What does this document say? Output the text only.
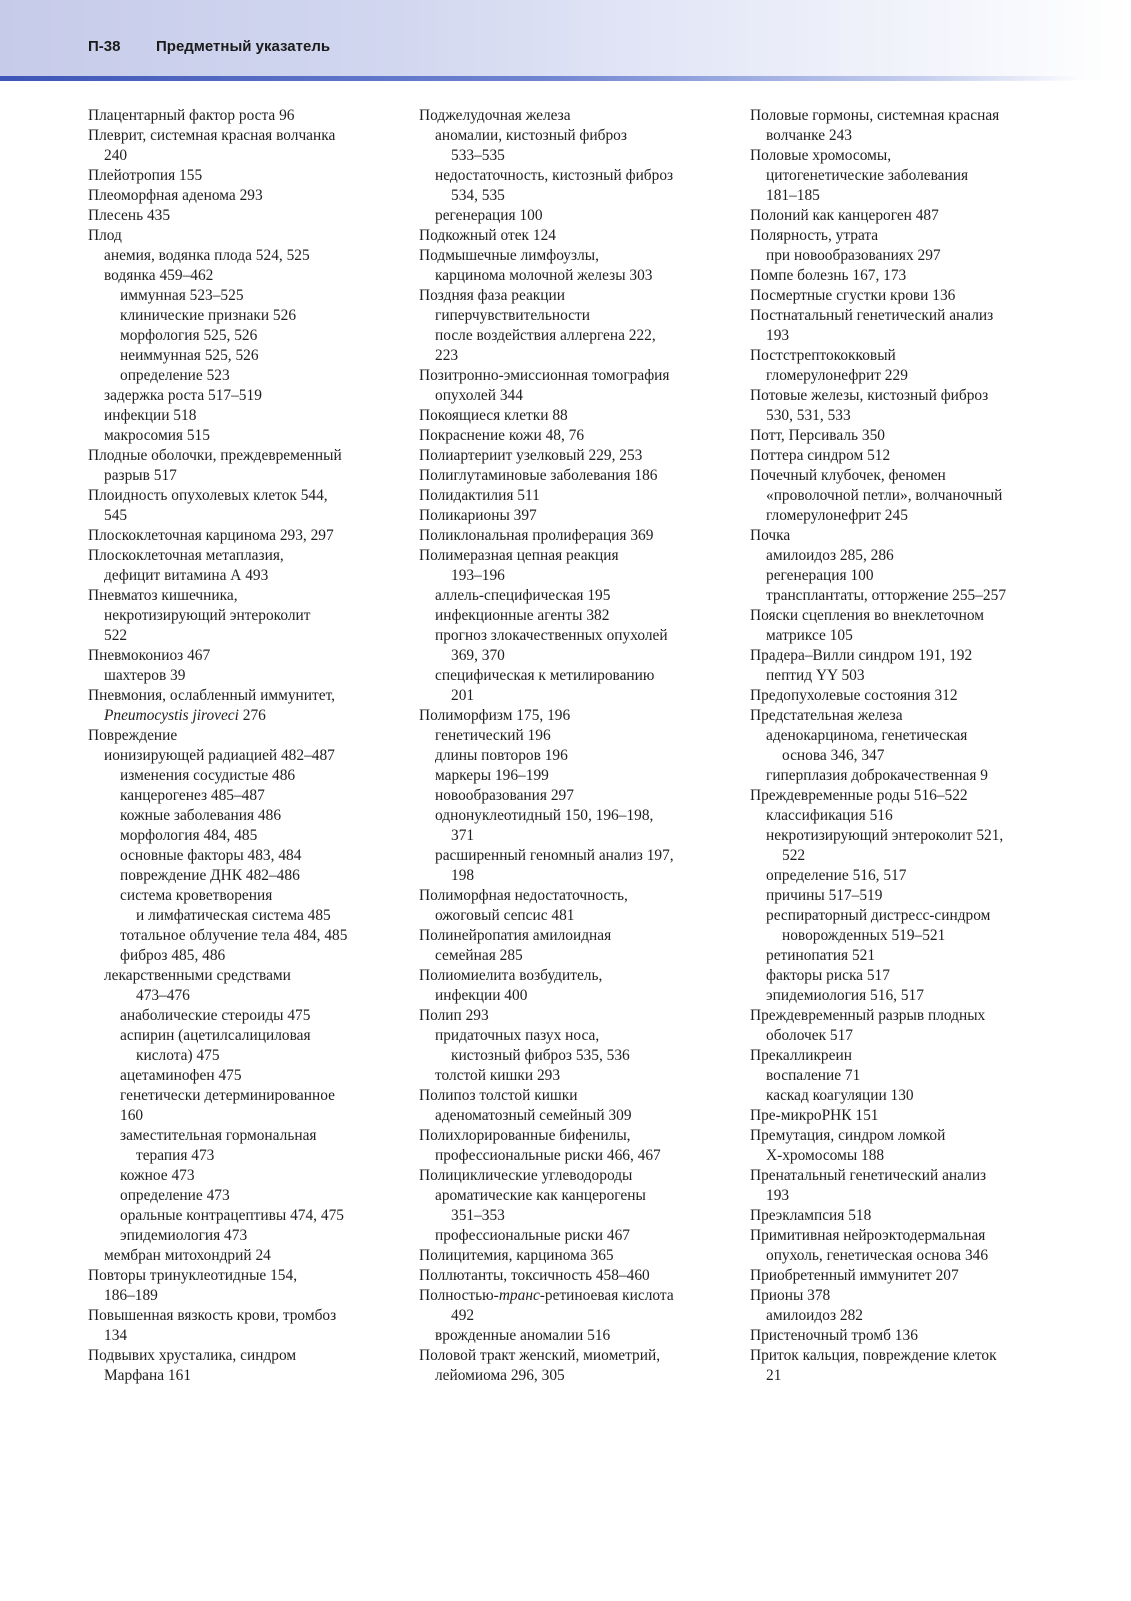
П-38 Предметный указатель
Плацентарный фактор роста 96
Плеврит, системная красная волчанка
240
Плейотропия 155
Плеоморфная аденома 293
Плесень 435
Плод
анемия, водянка плода 524, 525
водянка 459–462
иммунная 523–525
клинические признаки 526
морфология 525, 526
неиммунная 525, 526
определение 523
задержка роста 517–519
инфекции 518
макросомия 515
Плодные оболочки, преждевременный
разрыв 517
Плоидность опухолевых клеток 544,
545
Плоскоклеточная карцинома 293, 297
Плоскоклеточная метаплазия,
дефицит витамина А 493
Пневматоз кишечника,
некротизирующий энтероколит
522
Пневмокониоз 467
шахтеров 39
Пневмония, ослабленный иммунитет,
Pneumocystis jiroveci 276
Повреждение
ионизирующей радиацией 482–487
изменения сосудистые 486
канцерогенез 485–487
кожные заболевания 486
морфология 484, 485
основные факторы 483, 484
повреждение ДНК 482–486
система кроветворения
и лимфатическая система 485
тотальное облучение тела 484, 485
фиброз 485, 486
лекарственными средствами
473–476
анаболические стероиды 475
аспирин (ацетилсалициловая
кислота) 475
ацетаминофен 475
генетически детерминированное
160
заместительная гормональная
терапия 473
кожное 473
определение 473
оральные контрацептивы 474, 475
эпидемиология 473
мембран митохондрий 24
Повторы тринуклеотидные 154,
186–189
Повышенная вязкость крови, тромбоз
134
Подвывих хрусталика, синдром
Марфана 161
Поджелудочная железа
аномалии, кистозный фиброз
533–535
недостаточность, кистозный фиброз
534, 535
регенерация 100
Подкожный отек 124
Подмышечные лимфоузлы,
карцинома молочной железы 303
Поздняя фаза реакции
гиперчувствительности
после воздействия аллергена 222,
223
Позитронно-эмиссионная томография
опухолей 344
Покоящиеся клетки 88
Покраснение кожи 48, 76
Полиартериит узелковый 229, 253
Полиглутаминовые заболевания 186
Полидактилия 511
Поликарионы 397
Поликлональная пролиферация 369
Полимеразная цепная реакция
193–196
аллель-специфическая 195
инфекционные агенты 382
прогноз злокачественных опухолей
369, 370
специфическая к метилированию
201
Полиморфизм 175, 196
генетический 196
длины повторов 196
маркеры 196–199
новообразования 297
однонуклеотидный 150, 196–198,
371
расширенный геномный анализ 197,
198
Полиморфная недостаточность,
ожоговый сепсис 481
Полинейропатия амилоидная
семейная 285
Полиомиелита возбудитель,
инфекции 400
Полип 293
придаточных пазух носа,
кистозный фиброз 535, 536
толстой кишки 293
Полипоз толстой кишки
аденоматозный семейный 309
Полихлорированные бифенилы,
профессиональные риски 466, 467
Полициклические углеводороды
ароматические как канцерогены
351–353
профессиональные риски 467
Полицитемия, карцинома 365
Поллютанты, токсичность 458–460
Полностью-транс-ретиноевая кислота
492
врожденные аномалии 516
Половой тракт женский, миометрий,
лейомиома 296, 305
Половые гормоны, системная красная
волчанке 243
Половые хромосомы,
цитогенетические заболевания
181–185
Полоний как канцероген 487
Полярность, утрата
при новообразованиях 297
Помпе болезнь 167, 173
Посмертные сгустки крови 136
Постнатальный генетический анализ
193
Постстрептококковый
гломерулонефрит 229
Потовые железы, кистозный фиброз
530, 531, 533
Потт, Персиваль 350
Поттера синдром 512
Почечный клубочек, феномен
«проволочной петли», волчаночный
гломерулонефрит 245
Почка
амилоидоз 285, 286
регенерация 100
трансплантаты, отторжение 255–257
Пояски сцепления во внеклеточном
матриксе 105
Прадера–Вилли синдром 191, 192
пептид YY 503
Предопухолевые состояния 312
Предстательная железа
аденокарцинома, генетическая
основа 346, 347
гиперплазия доброкачественная 9
Преждевременные роды 516–522
классификация 516
некротизирующий энтероколит 521,
522
определение 516, 517
причины 517–519
респираторный дистресс-синдром
новорожденных 519–521
ретинопатия 521
факторы риска 517
эпидемиология 516, 517
Преждевременный разрыв плодных
оболочек 517
Прекалликреин
воспаление 71
каскад коагуляции 130
Пре-микроРНК 151
Премутация, синдром ломкой
Х-хромосомы 188
Пренатальный генетический анализ
193
Преэклампсия 518
Примитивная нейроэктодермальная
опухоль, генетическая основа 346
Приобретенный иммунитет 207
Прионы 378
амилоидоз 282
Пристеночный тромб 136
Приток кальция, повреждение клеток
21
